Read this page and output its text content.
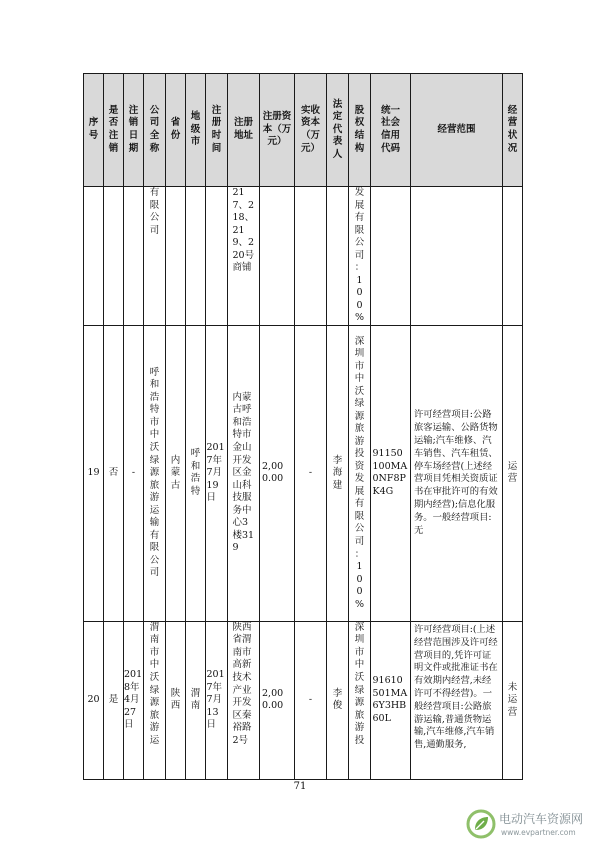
序号	是否注销	注销日期	公司全称	省份	地级市	注册时间	注册地址	注册资本（万元）	实收资本（万元）	法定代表人	股权结构	统一社会信用代码	经营范围	经营状况

			有限公司				217、218、219、220号商铺				发展有限公司：100%			

19	否	-	呼和浩特市中沃绿源旅游运输有限公司	内蒙古	呼和浩特	2017年7月19日	内蒙古呼和浩特市金山开发区金山科技服务中心3楼319	2,000.00	-	李海建	深圳市中沃绿源旅游投资发展有限公司：100%	91150100MA0NF8PK4G	许可经营项目:公路旅客运输、公路货物运输;汽车维修、汽车销售、汽车租赁、停车场经营(上述经营项目凭相关资质证书在审批许可的有效期内经营);信息化服务。一般经营项目:无	运营

20	是	2018年4月27日	渭南市中沃绿源旅游运	陕西	渭南	2017年7月13日	陕西省渭南市高新技术产业开发区秦裕路2号	2,000.00	-	李俊	深圳市中沃绿源旅游投	91610501MA6Y3HB60L	许可经营项目:(上述经营范围涉及许可经营项目的,凭许可证明文件或批准证书在有效期内经营,未经许可不得经营)。一般经营项目:公路旅游运输,普通货物运输,汽车维修,汽车销售,通勤服务,	未运营
71
电动汽车资源网
www.evpartner.com
